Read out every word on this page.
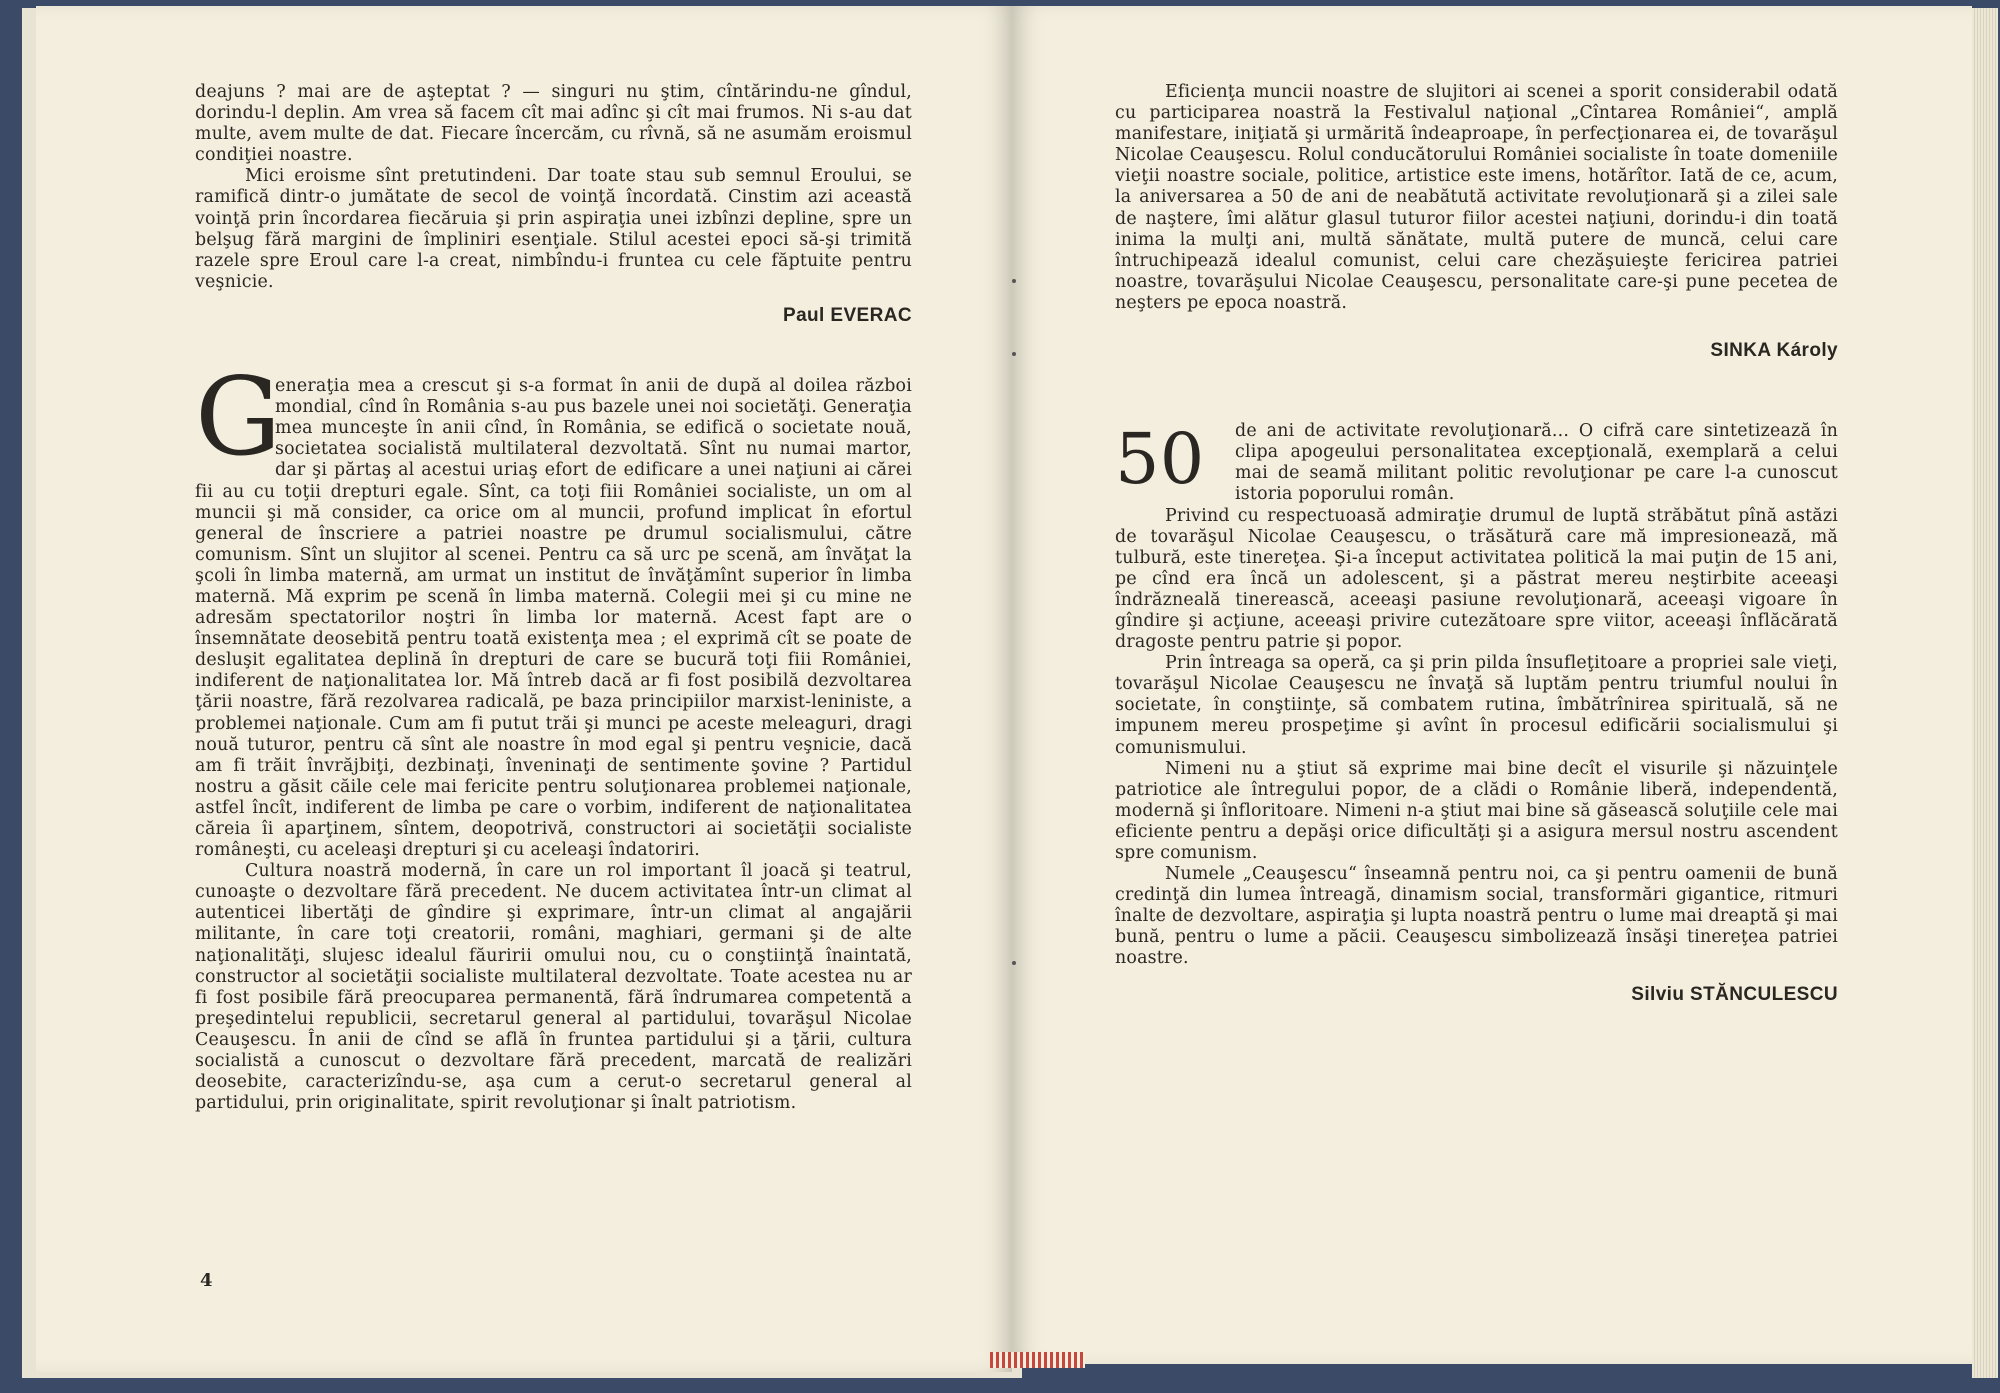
deajuns ? mai are de aşteptat ? — singuri nu ştim, cîntărindu-ne gîndul, dorindu-l deplin. Am vrea să facem cît mai adînc şi cît mai frumos. Ni s-au dat multe, avem multe de dat. Fiecare încercăm, cu rîvnă, să ne asumăm eroismul condiţiei noastre.

Mici eroisme sînt pretutindeni. Dar toate stau sub semnul Eroului, se ramifică dintr-o jumătate de secol de voinţă încordată. Cinstim azi această voinţă prin încordarea fiecăruia şi prin aspiraţia unei izbînzi depline, spre un belşug fără margini de împliniri esenţiale. Stilul acestei epoci să-şi trimită razele spre Eroul care l-a creat, nimbîndu-i fruntea cu cele făptuite pentru veşnicie.

Paul EVERAC

G

eneraţia mea a crescut şi s-a format în anii de după al doilea război mondial, cînd în România s-au pus bazele unei noi societăţi. Generaţia mea munceşte în anii cînd, în România, se edifică o societate nouă, societatea socialistă multilateral dezvoltată. Sînt nu numai martor, dar şi părtaş al acestui uriaş efort de edificare a unei naţiuni ai cărei fii au cu toţii drepturi egale. Sînt, ca toţi fiii României socialiste, un om al muncii şi mă consider, ca orice om al muncii, profund implicat în efortul general de înscriere a patriei noastre pe drumul socialismului, către comunism. Sînt un slujitor al scenei. Pentru ca să urc pe scenă, am învăţat la şcoli în limba maternă, am urmat un institut de învăţămînt superior în limba maternă. Mă exprim pe scenă în limba maternă. Colegii mei şi cu mine ne adresăm spectatorilor noştri în limba lor maternă. Acest fapt are o însemnătate deosebită pentru toată existenţa mea ; el exprimă cît se poate de desluşit egalitatea deplină în drepturi de care se bucură toţi fiii României, indiferent de naţionalitatea lor. Mă întreb dacă ar fi fost posibilă dezvoltarea ţării noastre, fără rezolvarea radicală, pe baza principiilor marxist-leniniste, a problemei naţionale. Cum am fi putut trăi şi munci pe aceste meleaguri, dragi nouă tuturor, pentru că sînt ale noastre în mod egal şi pentru veşnicie, dacă am fi trăit învrăjbiţi, dezbinaţi, înveninaţi de sentimente şovine ? Partidul nostru a găsit căile cele mai fericite pentru soluţionarea problemei naţionale, astfel încît, indiferent de limba pe care o vorbim, indiferent de naţionalitatea căreia îi aparţinem, sîntem, deopotrivă, constructori ai societăţii socialiste româneşti, cu aceleaşi drepturi şi cu aceleaşi îndatoriri.

Cultura noastră modernă, în care un rol important îl joacă şi teatrul, cunoaşte o dezvoltare fără precedent. Ne ducem activitatea într-un climat al autenticei libertăţi de gîndire şi exprimare, într-un climat al angajării militante, în care toţi creatorii, români, maghiari, germani şi de alte naţionalităţi, slujesc idealul făuririi omului nou, cu o conştiinţă înaintată, constructor al societăţii socialiste multilateral dezvoltate. Toate acestea nu ar fi fost posibile fără preocuparea permanentă, fără îndrumarea competentă a preşedintelui republicii, secretarul general al partidului, tovarăşul Nicolae Ceauşescu. În anii de cînd se află în fruntea partidului şi a ţării, cultura socialistă a cunoscut o dezvoltare fără precedent, marcată de realizări deosebite, caracterizîndu-se, aşa cum a cerut-o secretarul general al partidului, prin originalitate, spirit revoluţionar şi înalt patriotism.

4

Eficienţa muncii noastre de slujitori ai scenei a sporit considerabil odată cu participarea noastră la Festivalul naţional „Cîntarea României“, amplă manifestare, iniţiată şi urmărită îndeaproape, în perfecţionarea ei, de tovarăşul Nicolae Ceauşescu. Rolul conducătorului României socialiste în toate domeniile vieţii noastre sociale, politice, artistice este imens, hotărîtor. Iată de ce, acum, la aniversarea a 50 de ani de neabătută activitate revoluţionară şi a zilei sale de naştere, îmi alătur glasul tuturor fiilor acestei naţiuni, dorindu-i din toată inima la mulţi ani, multă sănătate, multă putere de muncă, celui care întruchipează idealul comunist, celui care chezăşuieşte fericirea patriei noastre, tovarăşului Nicolae Ceauşescu, personalitate care-şi pune pecetea de neşters pe epoca noastră.

SINKA Károly

50	de ani de activitate revoluţionară... O cifră care sintetizează în clipa apogeului personalitatea excepţională, exemplară a celui mai de seamă militant politic revoluţionar pe care l-a cunoscut istoria poporului român.

Privind cu respectuoasă admiraţie drumul de luptă străbătut pînă astăzi de tovarăşul Nicolae Ceauşescu, o trăsătură care mă impresionează, mă tulbură, este tinereţea. Şi-a început activitatea politică la mai puţin de 15 ani, pe cînd era încă un adolescent, şi a păstrat mereu neştirbite aceeaşi îndrăzneală tinerească, aceeaşi pasiune revoluţionară, aceeaşi vigoare în gîndire şi acţiune, aceeaşi privire cutezătoare spre viitor, aceeaşi înflăcărată dragoste pentru patrie şi popor.

Prin întreaga sa operă, ca şi prin pilda însufleţitoare a propriei sale vieţi, tovarăşul Nicolae Ceauşescu ne învaţă să luptăm pentru triumful noului în societate, în conştiinţe, să combatem rutina, îmbătrînirea spirituală, să ne impunem mereu prospeţime şi avînt în procesul edificării socialismului şi comunismului.

Nimeni nu a ştiut să exprime mai bine decît el visurile şi năzuinţele patriotice ale întregului popor, de a clădi o Românie liberă, independentă, modernă şi înfloritoare. Nimeni n-a ştiut mai bine să găsească soluţiile cele mai eficiente pentru a depăşi orice dificultăţi şi a asigura mersul nostru ascendent spre comunism.

Numele „Ceauşescu“ înseamnă pentru noi, ca şi pentru oamenii de bună credinţă din lumea întreagă, dinamism social, transformări gigantice, ritmuri înalte de dezvoltare, aspiraţia şi lupta noastră pentru o lume mai dreaptă şi mai bună, pentru o lume a păcii. Ceauşescu simbolizează însăşi tinereţea patriei noastre.

Silviu STĂNCULESCU
